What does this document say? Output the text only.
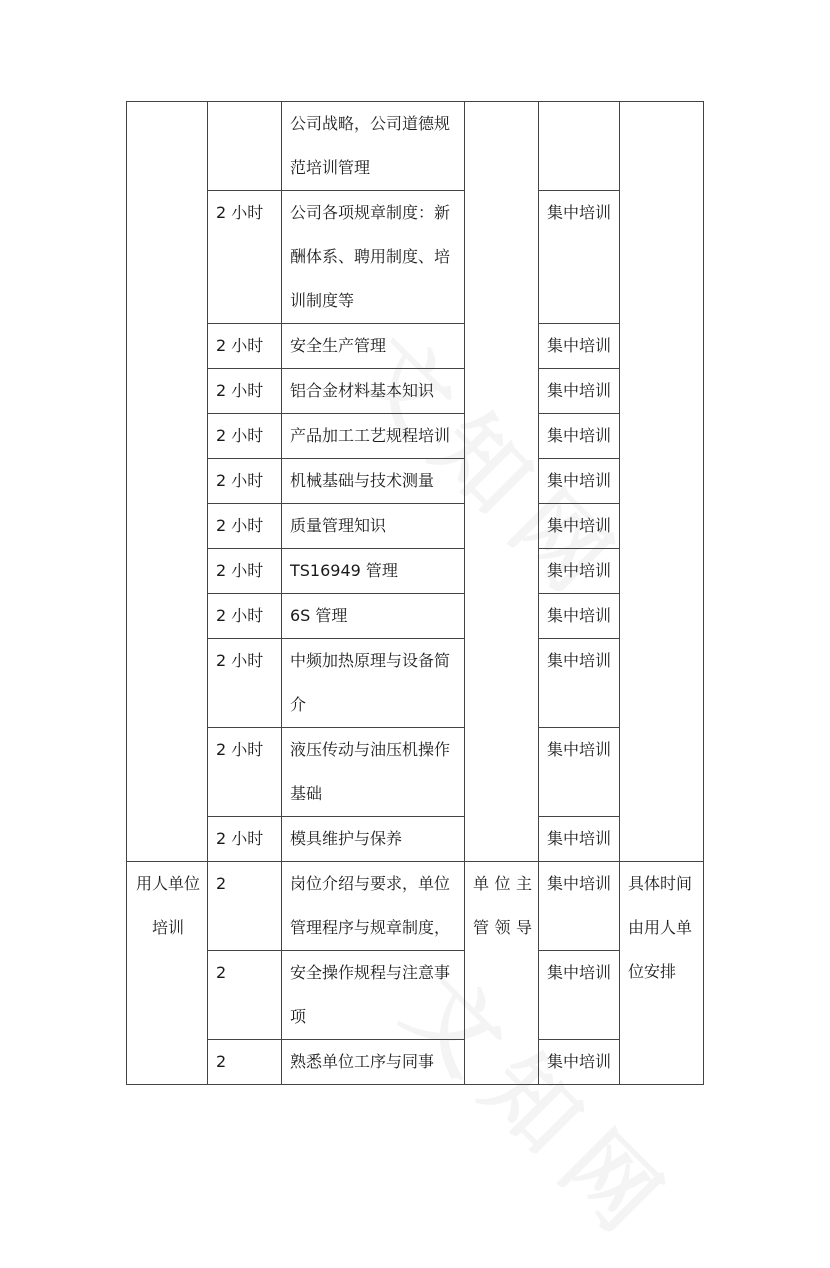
		公司战略，公司道德规范培训管理			
	2 小时	公司各项规章制度：新酬体系、聘用制度、培训制度等		集中培训	
	2 小时	安全生产管理		集中培训	
	2 小时	铝合金材料基本知识		集中培训	
	2 小时	产品加工工艺规程培训		集中培训	
	2 小时	机械基础与技术测量		集中培训	
	2 小时	质量管理知识		集中培训	
	2 小时	TS16949 管理		集中培训	
	2 小时	6S 管理		集中培训	
	2 小时	中频加热原理与设备简介		集中培训	
	2 小时	液压传动与油压机操作基础		集中培训	
	2 小时	模具维护与保养		集中培训	
用人单位培训	2	岗位介绍与要求，单位管理程序与规章制度，	单位主管领导	集中培训	具体时间由用人单位安排
	2	安全操作规程与注意事项		集中培训	
	2	熟悉单位工序与同事		集中培训	
